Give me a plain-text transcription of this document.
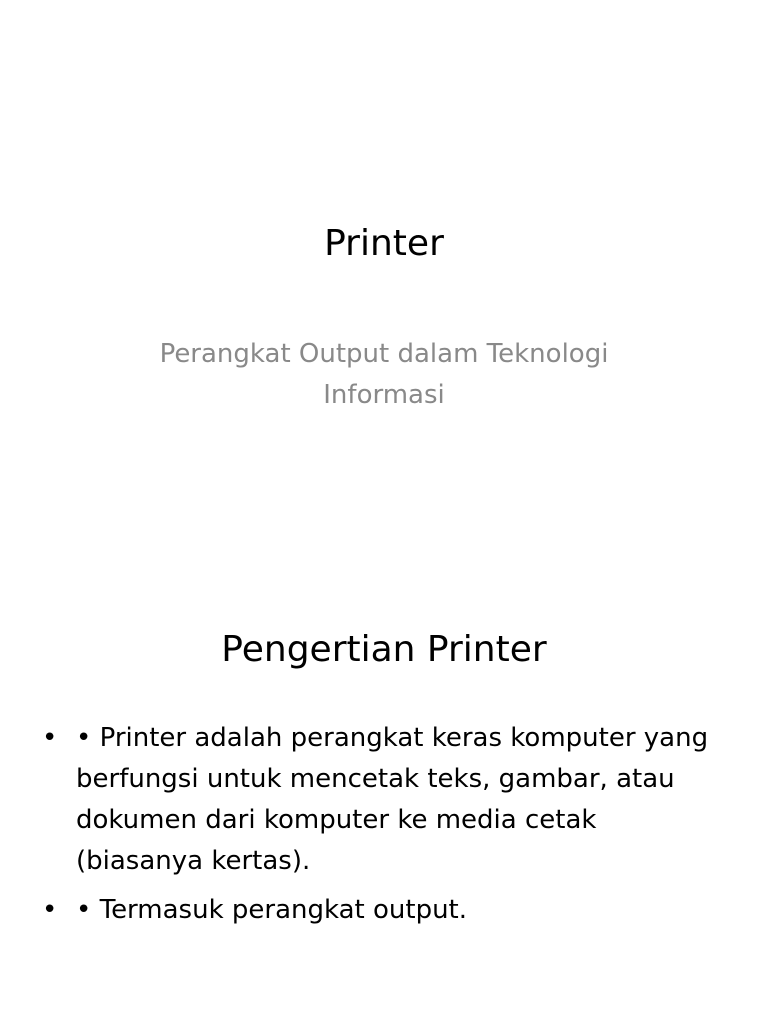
Printer

Perangkat Output dalam Teknologi Informasi

Pengertian Printer
• • Printer adalah perangkat keras komputer yang berfungsi untuk mencetak teks, gambar, atau dokumen dari komputer ke media cetak (biasanya kertas).
• • Termasuk perangkat output.
